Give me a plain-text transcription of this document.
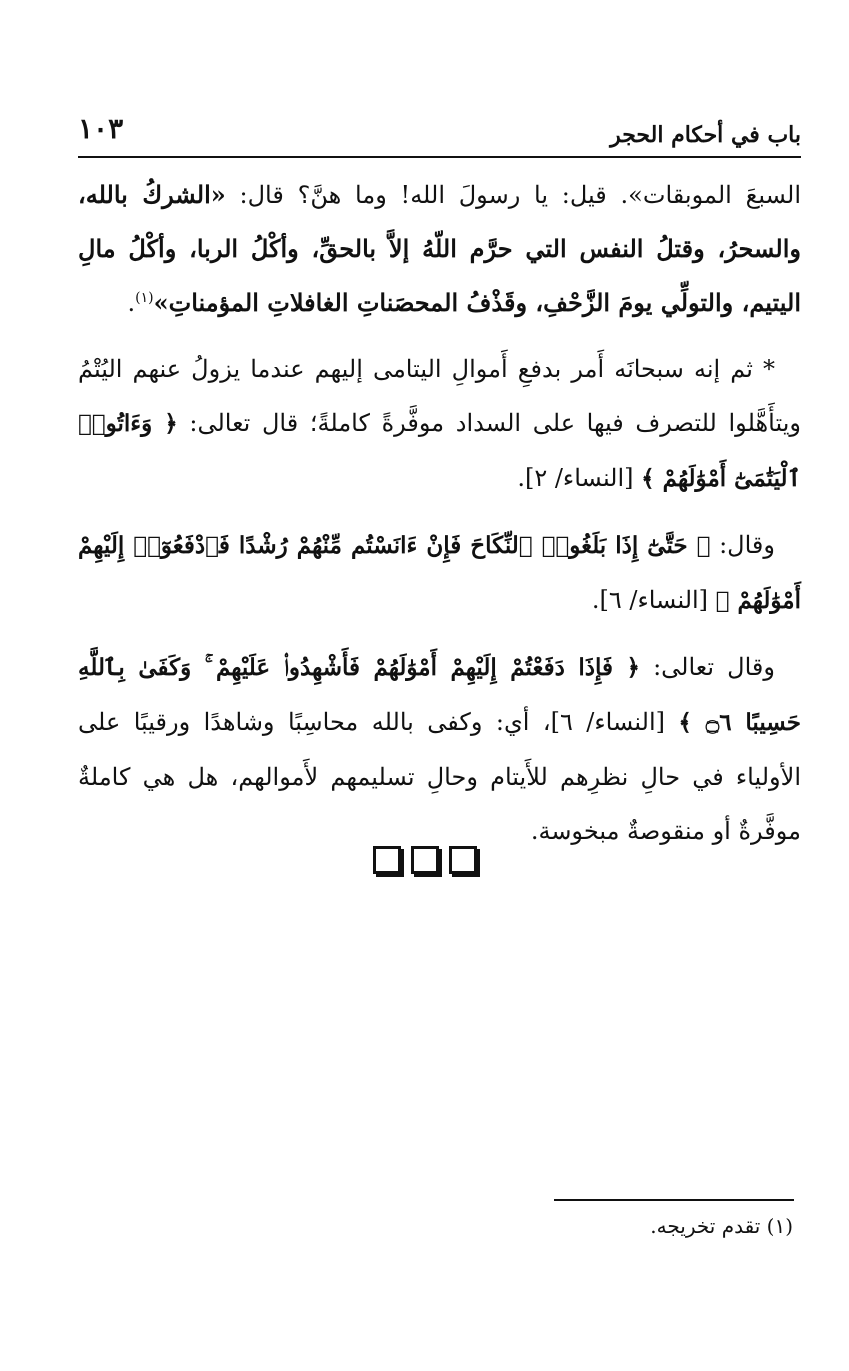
باب في أحكام الحجر
١٠٣

السبعَ الموبقات». قيل: يا رسولَ الله! وما هنَّ؟ قال: «الشركُ بالله، والسحرُ، وقتلُ النفس التي حرَّم اللّهُ إلاَّ بالحقِّ، وأكْلُ الربا، وأكْلُ مالِ اليتيم، والتولِّي يومَ الزَّحْفِ، وقَذْفُ المحصَناتِ الغافلاتِ المؤمناتِ»$^{(١)}$.

* ثم إنه سبحانَه أَمر بدفعِ أَموالِ اليتامى إليهم عندما يزولُ عنهم اليُتْمُ ويتأَهَّلوا للتصرف فيها على السداد موفَّرةً كاملةً؛ قال تعالى: ﴿ وَءَاتُوا۟ ٱلْيَتَٰمَىٰٓ أَمْوَٰلَهُمْ ﴾ [النساء/ ٢].

وقال: ﴿ حَتَّىٰٓ إِذَا بَلَغُوا۟ ٱلنِّكَاحَ فَإِنْ ءَانَسْتُم مِّنْهُمْ رُشْدًا فَٱدْفَعُوٓا۟ إِلَيْهِمْ أَمْوَٰلَهُمْ ﴾ [النساء/ ٦].

وقال تعالى: ﴿ فَإِذَا دَفَعْتُمْ إِلَيْهِمْ أَمْوَٰلَهُمْ فَأَشْهِدُوا۟ عَلَيْهِمْ ۚ وَكَفَىٰ بِٱللَّهِ حَسِيبًا ۝٦ ﴾ [النساء/ ٦]، أي: وكفى بالله محاسِبًا وشاهدًا ورقيبًا على الأولياء في حالِ نظرِهم للأَيتام وحالِ تسليمهم لأَموالهم، هل هي كاملةٌ موفَّرةٌ أو منقوصةٌ مبخوسة.

(١) تقدم تخريجه.
